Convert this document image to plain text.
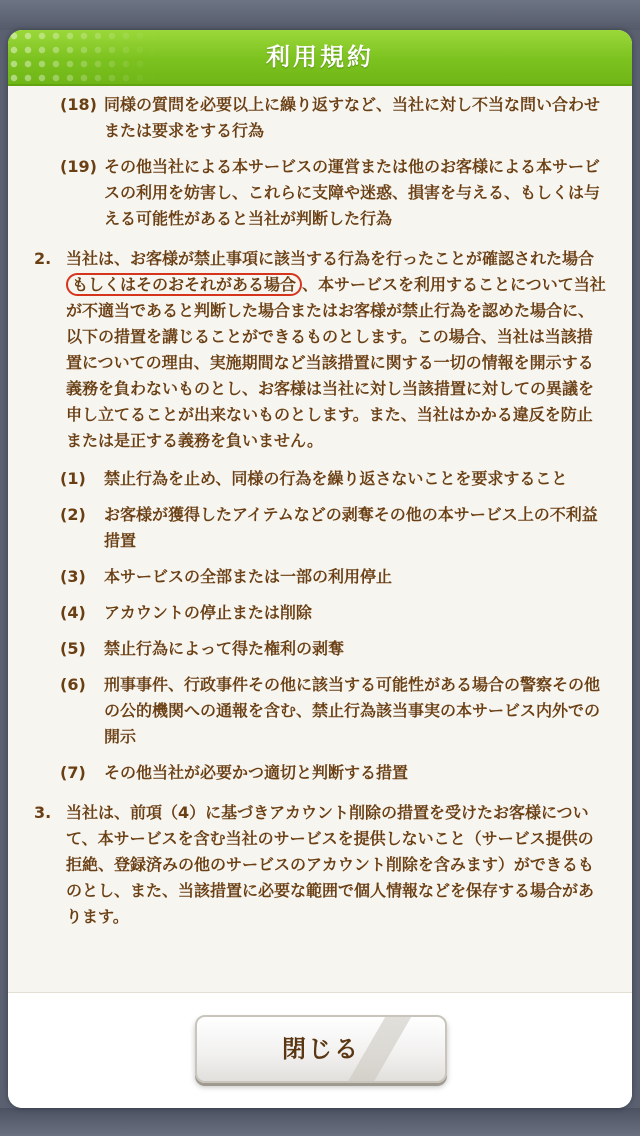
利用規約
(18) 同様の質問を必要以上に繰り返すなど、当社に対し不当な問い合わせまたは要求をする行為
(19) その他当社による本サービスの運営または他のお客様による本サービスの利用を妨害し、これらに支障や迷惑、損害を与える、もしくは与える可能性があると当社が判断した行為
2. 当社は、お客様が禁止事項に該当する行為を行ったことが確認された場合もしくはそのおそれがある場合 、本サービスを利用することについて当社が不適当であると判断した場合またはお客様が禁止行為を認めた場合に、以下の措置を講じることができるものとします。この場合、当社は当該措置についての理由、実施期間など当該措置に関する一切の情報を開示する義務を負わないものとし、お客様は当社に対し当該措置に対しての異議を申し立てることが出来ないものとします。また、当社はかかる違反を防止または是正する義務を負いません。
(1)	禁止行為を止め、同様の行為を繰り返さないことを要求すること
(2)	お客様が獲得したアイテムなどの剥奪その他の本サービス上の不利益措置
(3)	本サービスの全部または一部の利用停止
(4)	アカウントの停止または削除
(5)	禁止行為によって得た権利の剥奪
(6)	刑事事件、行政事件その他に該当する可能性がある場合の警察その他の公的機関への通報を含む、禁止行為該当事実の本サービス内外での開示
(7)	その他当社が必要かつ適切と判断する措置
3. 当社は、前項（4）に基づきアカウント削除の措置を受けたお客様について、本サービスを含む当社のサービスを提供しないこと（サービス提供の拒絶、登録済みの他のサービスのアカウント削除を含みます）ができるものとし、また、当該措置に必要な範囲で個人情報などを保存する場合があります。
閉じる
